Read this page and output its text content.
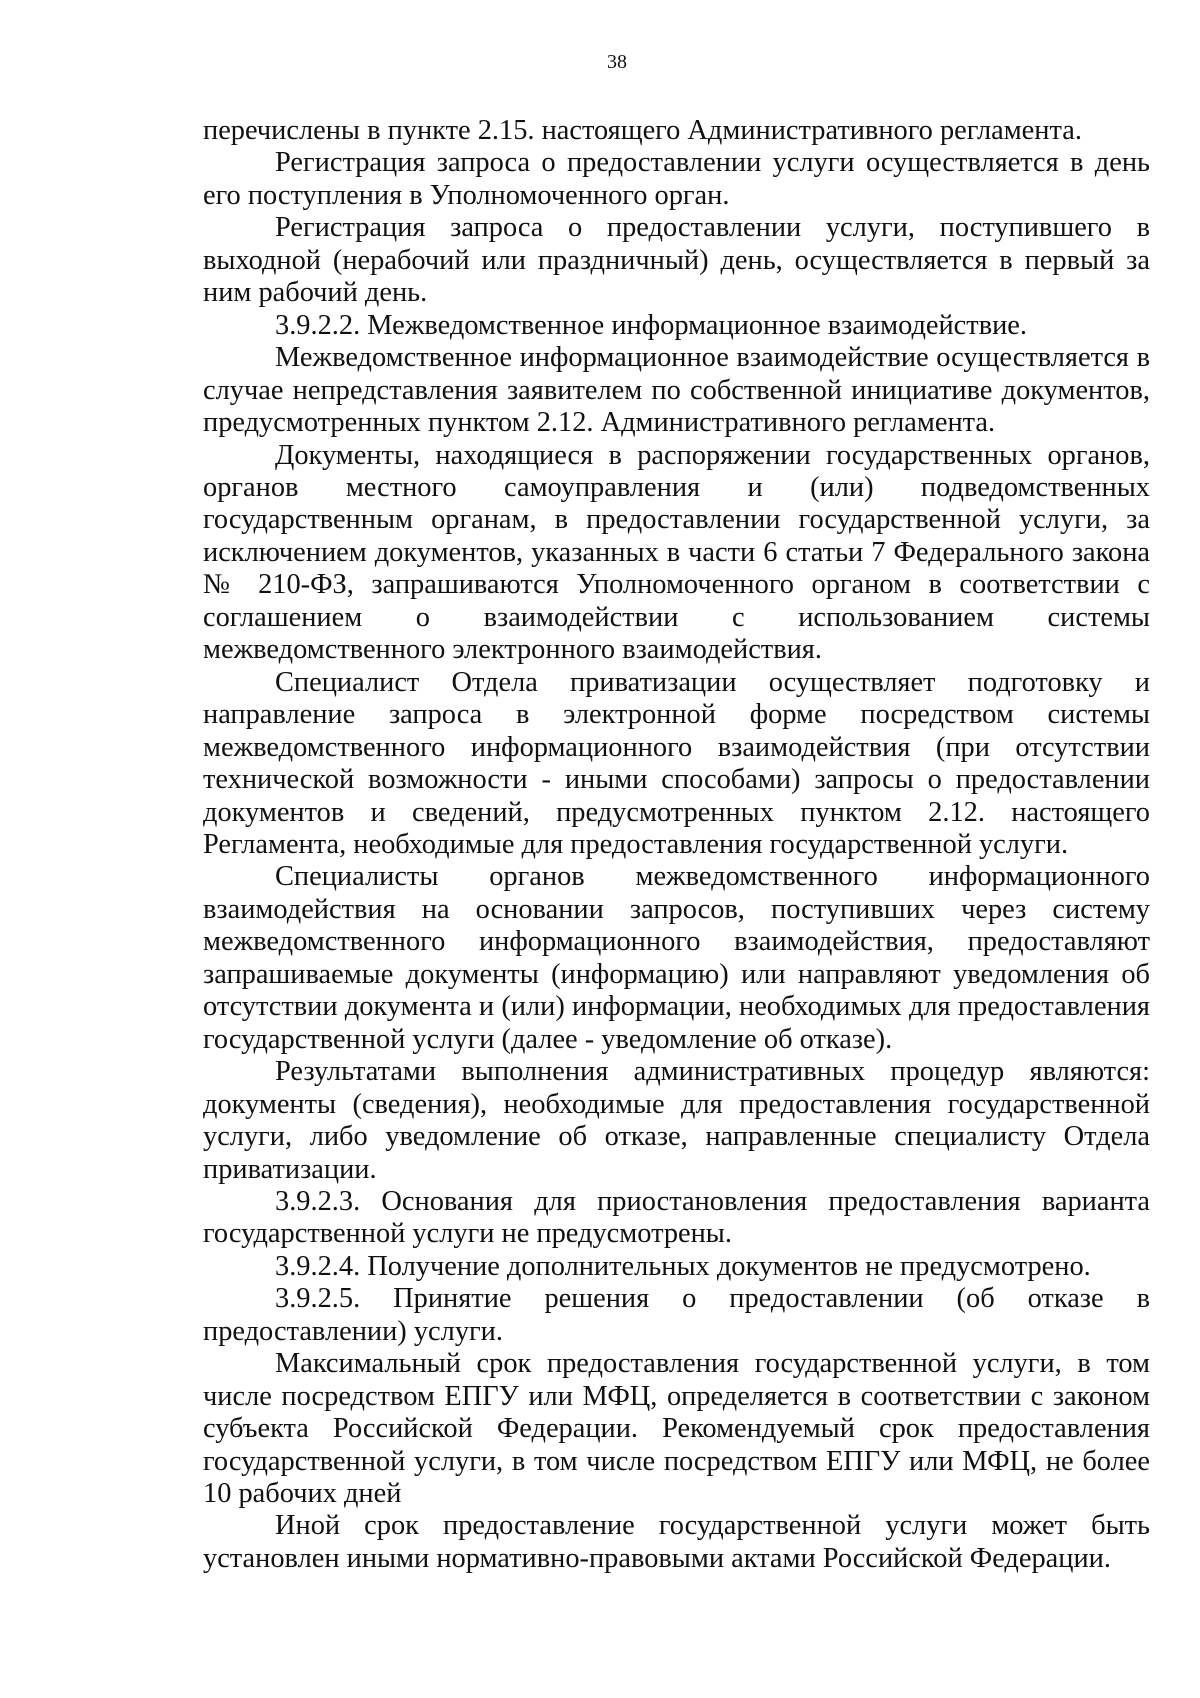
38

перечислены в пункте 2.15. настоящего Административного регламента.

Регистрация запроса о предоставлении услуги осуществляется в день его поступления в Уполномоченного орган.

Регистрация запроса о предоставлении услуги, поступившего в выходной (нерабочий или праздничный) день, осуществляется в первый за ним рабочий день.

3.9.2.2. Межведомственное информационное взаимодействие.

Межведомственное информационное взаимодействие осуществляется в случае непредставления заявителем по собственной инициативе документов, предусмотренных пунктом 2.12. Административного регламента.

Документы, находящиеся в распоряжении государственных органов, органов местного самоуправления и (или) подведомственных государственным органам, в предоставлении государственной услуги, за исключением документов, указанных в части 6 статьи 7 Федерального закона № 210-ФЗ, запрашиваются Уполномоченного органом в соответствии с соглашением о взаимодействии с использованием системы межведомственного электронного взаимодействия.

Специалист Отдела приватизации осуществляет подготовку и направление запроса в электронной форме посредством системы межведомственного информационного взаимодействия (при отсутствии технической возможности - иными способами) запросы о предоставлении документов и сведений, предусмотренных пунктом 2.12. настоящего Регламента, необходимые для предоставления государственной услуги.

Специалисты органов межведомственного информационного взаимодействия на основании запросов, поступивших через систему межведомственного информационного взаимодействия, предоставляют запрашиваемые документы (информацию) или направляют уведомления об отсутствии документа и (или) информации, необходимых для предоставления государственной услуги (далее - уведомление об отказе).

Результатами выполнения административных процедур являются: документы (сведения), необходимые для предоставления государственной услуги, либо уведомление об отказе, направленные специалисту Отдела приватизации.

3.9.2.3. Основания для приостановления предоставления варианта государственной услуги не предусмотрены.

3.9.2.4. Получение дополнительных документов не предусмотрено.

3.9.2.5. Принятие решения о предоставлении (об отказе в предоставлении) услуги.

Максимальный срок предоставления государственной услуги, в том числе посредством ЕПГУ или МФЦ, определяется в соответствии с законом субъекта Российской Федерации. Рекомендуемый срок предоставления государственной услуги, в том числе посредством ЕПГУ или МФЦ, не более 10 рабочих дней

Иной срок предоставление государственной услуги может быть установлен иными нормативно-правовыми актами Российской Федерации.
